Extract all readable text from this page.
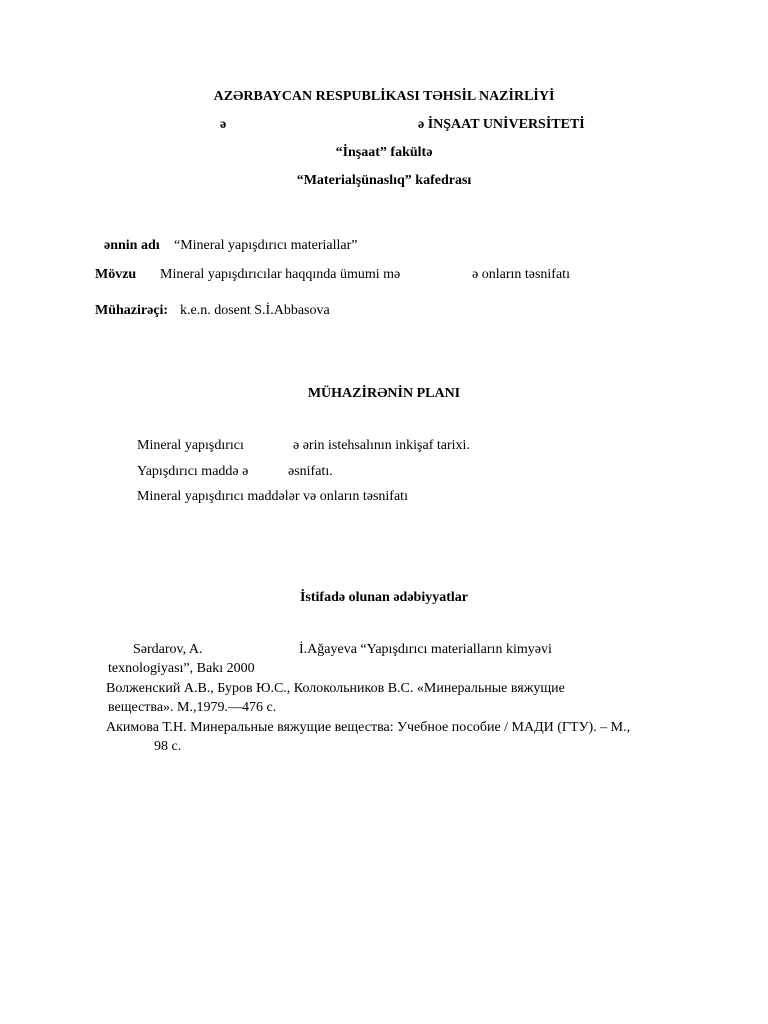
AZƏRBAYCAN RESPUBLİKASI TƏHSİL NAZİRLİYİ
ə	ə İNŞAAT UNİVERSİTETİ
“İnşaat” fakültə
“Materialşünaslıq” kafedrası
ənnin adı “Mineral yapışdırıcı materiallar”
Mövzu Mineral yapışdırıcılar haqqında ümumi mə	ə onların təsnifatı
Mühazirəçi: k.e.n. dosent S.İ.Abbasova
MÜHAZİRƏNİN PLANI
Mineral yapışdırıcı	ə ərin istehsalının inkişaf tarixi.
Yapışdırıcı maddə ə	əsnifatı.
Mineral yapışdırıcı maddələr və onların təsnifatı
İstifadə olunan ədəbiyyatlar
Sərdarov, A.	İ.Ağayeva “Yapışdırıcı materialların kimyəvi
texnologiyası”, Bakı 2000
Волженский А.В., Буров Ю.С., Колокольников В.С. «Минеральные вяжущие
вещества». М.,1979.—476 с.
Акимова Т.Н. Минеральные вяжущие вещества: Учебное пособие / МАДИ (ГТУ). – М.,
98 с.
